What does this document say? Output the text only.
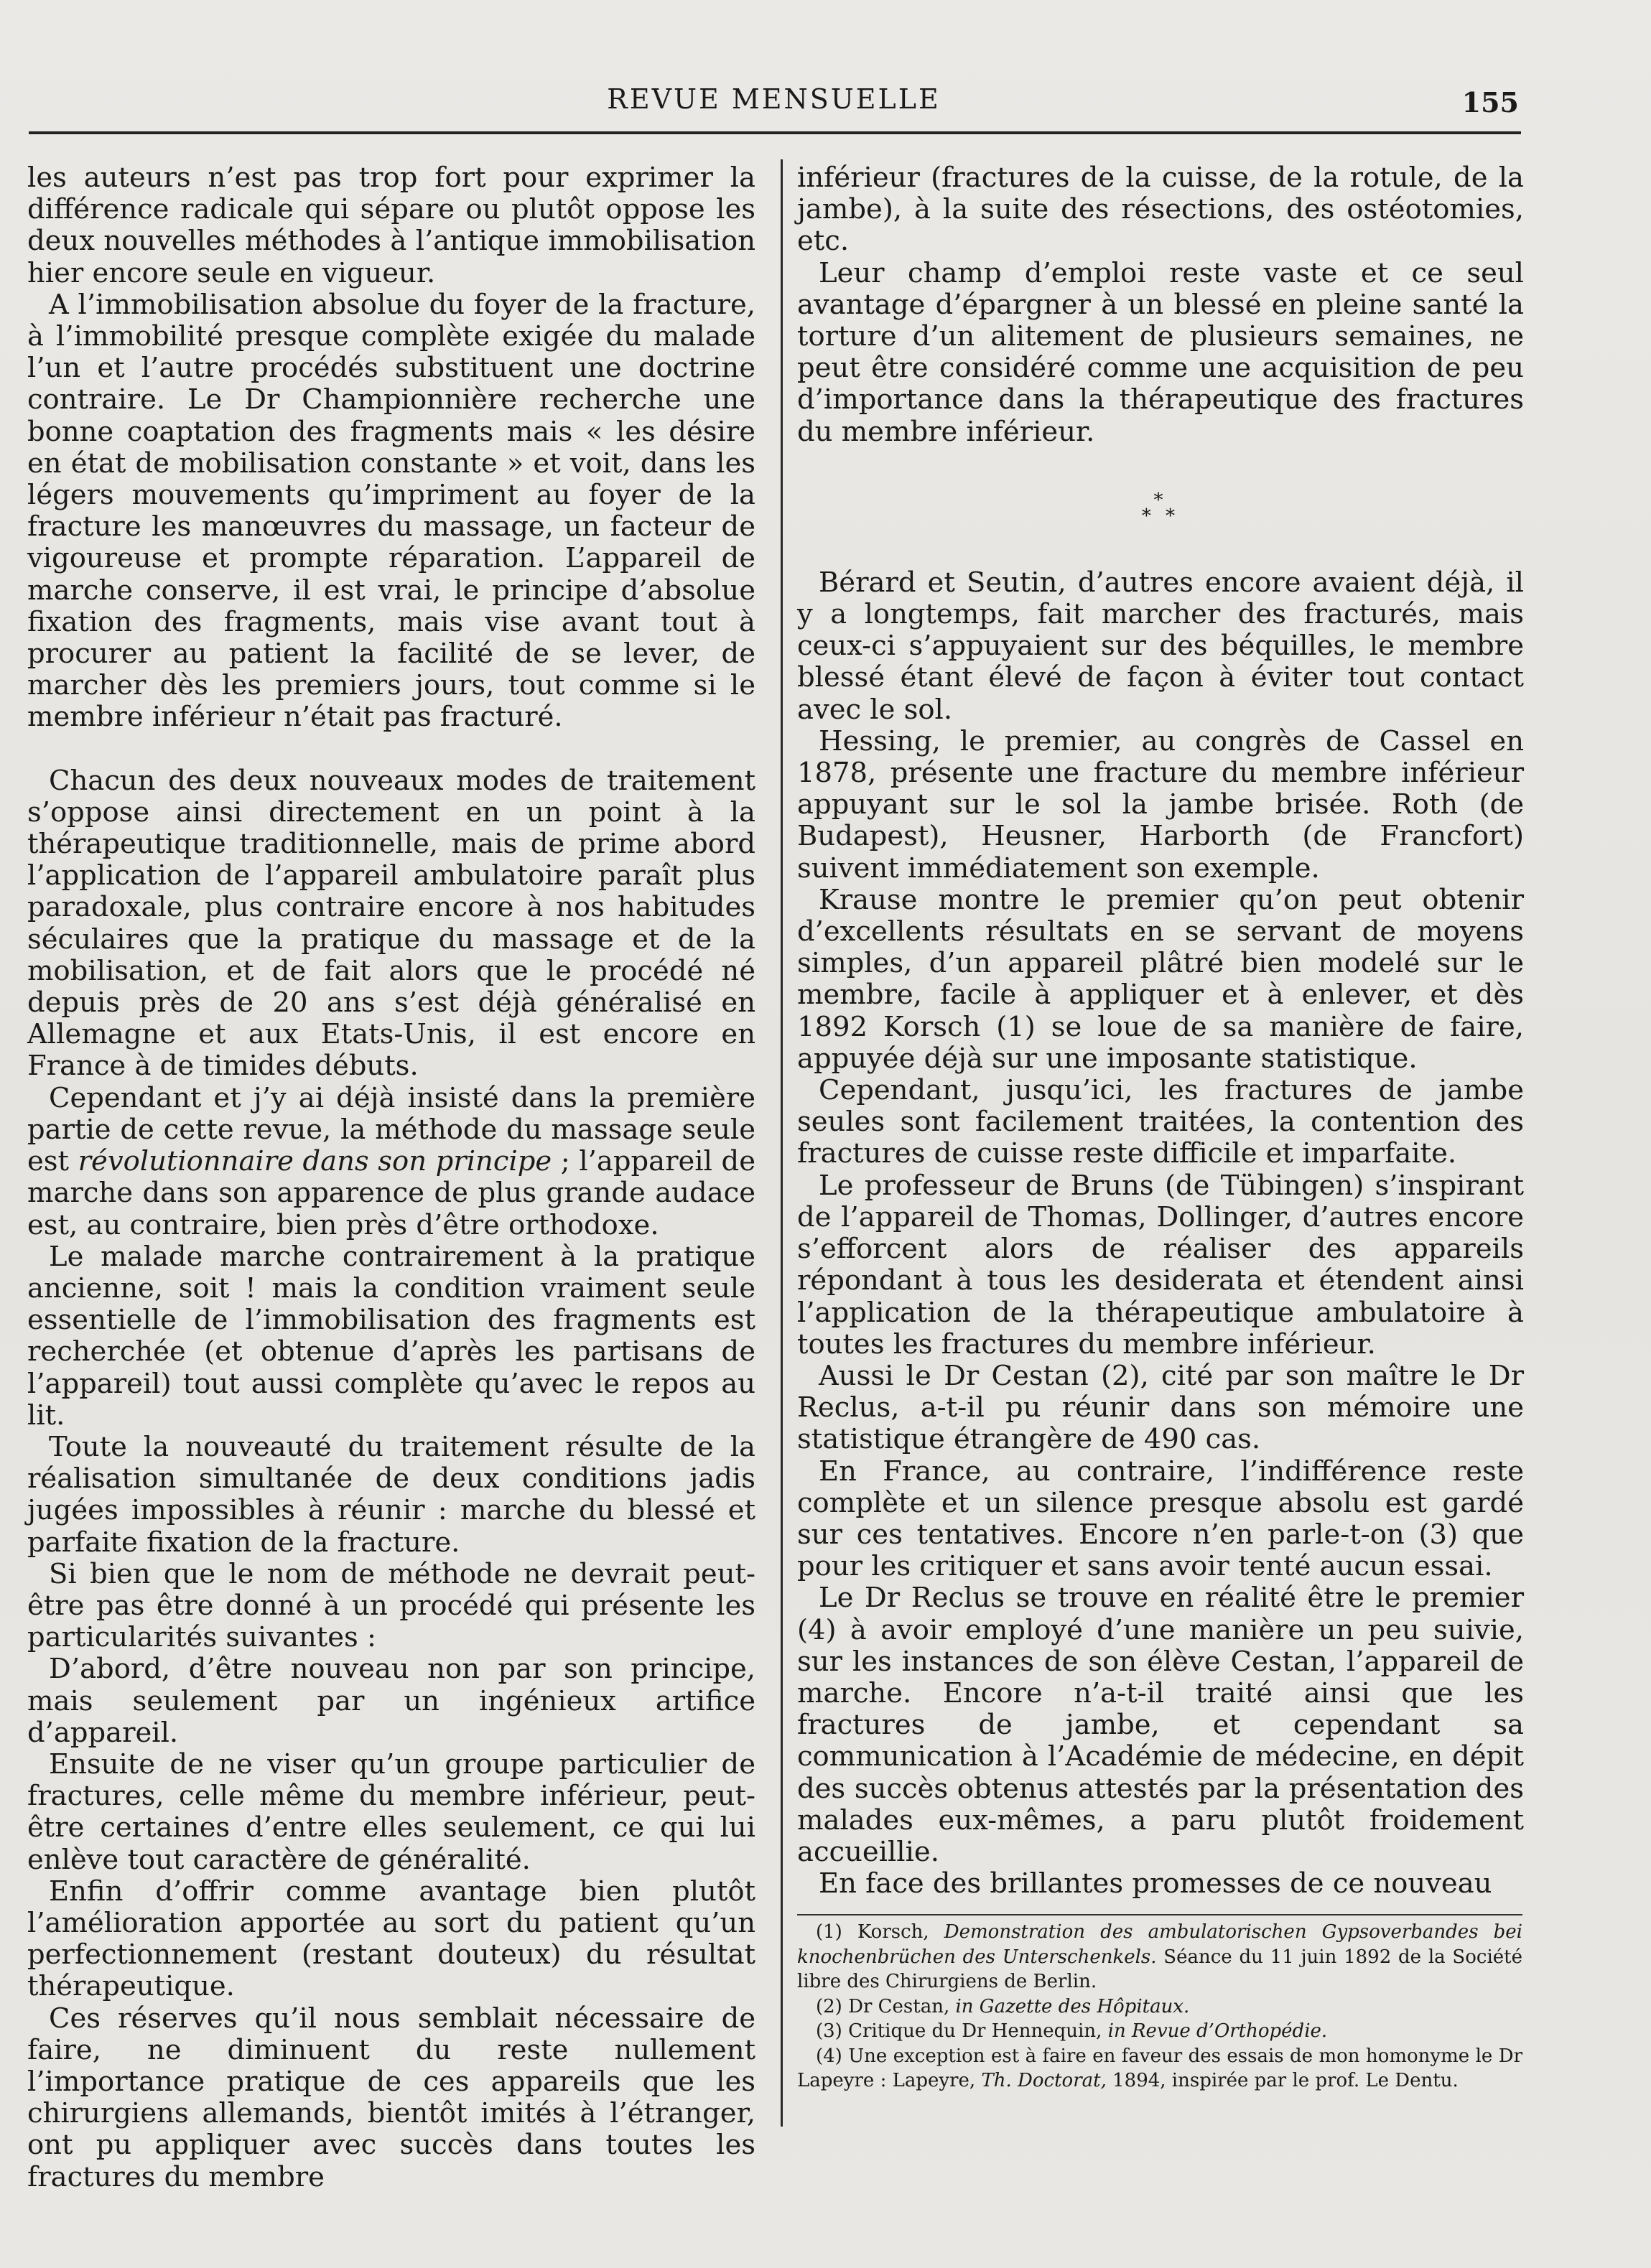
REVUE MENSUELLE	155

les auteurs n’est pas trop fort pour exprimer la différence radicale qui sépare ou plutôt oppose les deux nouvelles méthodes à l’antique immobilisation hier encore seule en vigueur.

A l’immobilisation absolue du foyer de la fracture, à l’immobilité presque complète exigée du malade l’un et l’autre procédés substituent une doctrine contraire. Le Dr Championnière recherche une bonne coaptation des fragments mais « les désire en état de mobilisation constante » et voit, dans les légers mouvements qu’impriment au foyer de la fracture les manœuvres du massage, un facteur de vigoureuse et prompte réparation. L’appareil de marche conserve, il est vrai, le principe d’absolue fixation des fragments, mais vise avant tout à procurer au patient la facilité de se lever, de marcher dès les premiers jours, tout comme si le membre inférieur n’était pas fracturé.

Chacun des deux nouveaux modes de traitement s’oppose ainsi directement en un point à la thérapeutique traditionnelle, mais de prime abord l’application de l’appareil ambulatoire paraît plus paradoxale, plus contraire encore à nos habitudes séculaires que la pratique du massage et de la mobilisation, et de fait alors que le procédé né depuis près de 20 ans s’est déjà généralisé en Allemagne et aux Etats-Unis, il est encore en France à de timides débuts.

Cependant et j’y ai déjà insisté dans la première partie de cette revue, la méthode du massage seule est révolutionnaire dans son principe ; l’appareil de marche dans son apparence de plus grande audace est, au contraire, bien près d’être orthodoxe.

Le malade marche contrairement à la pratique ancienne, soit ! mais la condition vraiment seule essentielle de l’immobilisation des fragments est recherchée (et obtenue d’après les partisans de l’appareil) tout aussi complète qu’avec le repos au lit.

Toute la nouveauté du traitement résulte de la réalisation simultanée de deux conditions jadis jugées impossibles à réunir : marche du blessé et parfaite fixation de la fracture.

Si bien que le nom de méthode ne devrait peut-être pas être donné à un procédé qui présente les particularités suivantes :

D’abord, d’être nouveau non par son principe, mais seulement par un ingénieux artifice d’appareil.

Ensuite de ne viser qu’un groupe particulier de fractures, celle même du membre inférieur, peut-être certaines d’entre elles seulement, ce qui lui enlève tout caractère de généralité.

Enfin d’offrir comme avantage bien plutôt l’amélioration apportée au sort du patient qu’un perfectionnement (restant douteux) du résultat thérapeutique.

Ces réserves qu’il nous semblait nécessaire de faire, ne diminuent du reste nullement l’importance pratique de ces appareils que les chirurgiens allemands, bientôt imités à l’étranger, ont pu appliquer avec succès dans toutes les fractures du membre

inférieur (fractures de la cuisse, de la rotule, de la jambe), à la suite des résections, des ostéotomies, etc.

Leur champ d’emploi reste vaste et ce seul avantage d’épargner à un blessé en pleine santé la torture d’un alitement de plusieurs semaines, ne peut être considéré comme une acquisition de peu d’importance dans la thérapeutique des fractures du membre inférieur.

*
* *

Bérard et Seutin, d’autres encore avaient déjà, il y a longtemps, fait marcher des fracturés, mais ceux-ci s’appuyaient sur des béquilles, le membre blessé étant élevé de façon à éviter tout contact avec le sol.

Hessing, le premier, au congrès de Cassel en 1878, présente une fracture du membre inférieur appuyant sur le sol la jambe brisée. Roth (de Budapest), Heusner, Harborth (de Francfort) suivent immédiatement son exemple.

Krause montre le premier qu’on peut obtenir d’excellents résultats en se servant de moyens simples, d’un appareil plâtré bien modelé sur le membre, facile à appliquer et à enlever, et dès 1892 Korsch (1) se loue de sa manière de faire, appuyée déjà sur une imposante statistique.

Cependant, jusqu’ici, les fractures de jambe seules sont facilement traitées, la contention des fractures de cuisse reste difficile et imparfaite.

Le professeur de Bruns (de Tübingen) s’inspirant de l’appareil de Thomas, Dollinger, d’autres encore s’efforcent alors de réaliser des appareils répondant à tous les desiderata et étendent ainsi l’application de la thérapeutique ambulatoire à toutes les fractures du membre inférieur.

Aussi le Dr Cestan (2), cité par son maître le Dr Reclus, a-t-il pu réunir dans son mémoire une statistique étrangère de 490 cas.

En France, au contraire, l’indifférence reste complète et un silence presque absolu est gardé sur ces tentatives. Encore n’en parle-t-on (3) que pour les critiquer et sans avoir tenté aucun essai.

Le Dr Reclus se trouve en réalité être le premier (4) à avoir employé d’une manière un peu suivie, sur les instances de son élève Cestan, l’appareil de marche. Encore n’a-t-il traité ainsi que les fractures de jambe, et cependant sa communication à l’Académie de médecine, en dépit des succès obtenus attestés par la présentation des malades eux-mêmes, a paru plutôt froidement accueillie.

En face des brillantes promesses de ce nouveau

(1) Korsch, Demonstration des ambulatorischen Gypsoverbandes bei knochenbrüchen des Unterschenkels. Séance du 11 juin 1892 de la Société libre des Chirurgiens de Berlin.

(2) Dr Cestan, in Gazette des Hôpitaux.

(3) Critique du Dr Hennequin, in Revue d’Orthopédie.

(4) Une exception est à faire en faveur des essais de mon homonyme le Dr Lapeyre : Lapeyre, Th. Doctorat, 1894, inspirée par le prof. Le Dentu.
